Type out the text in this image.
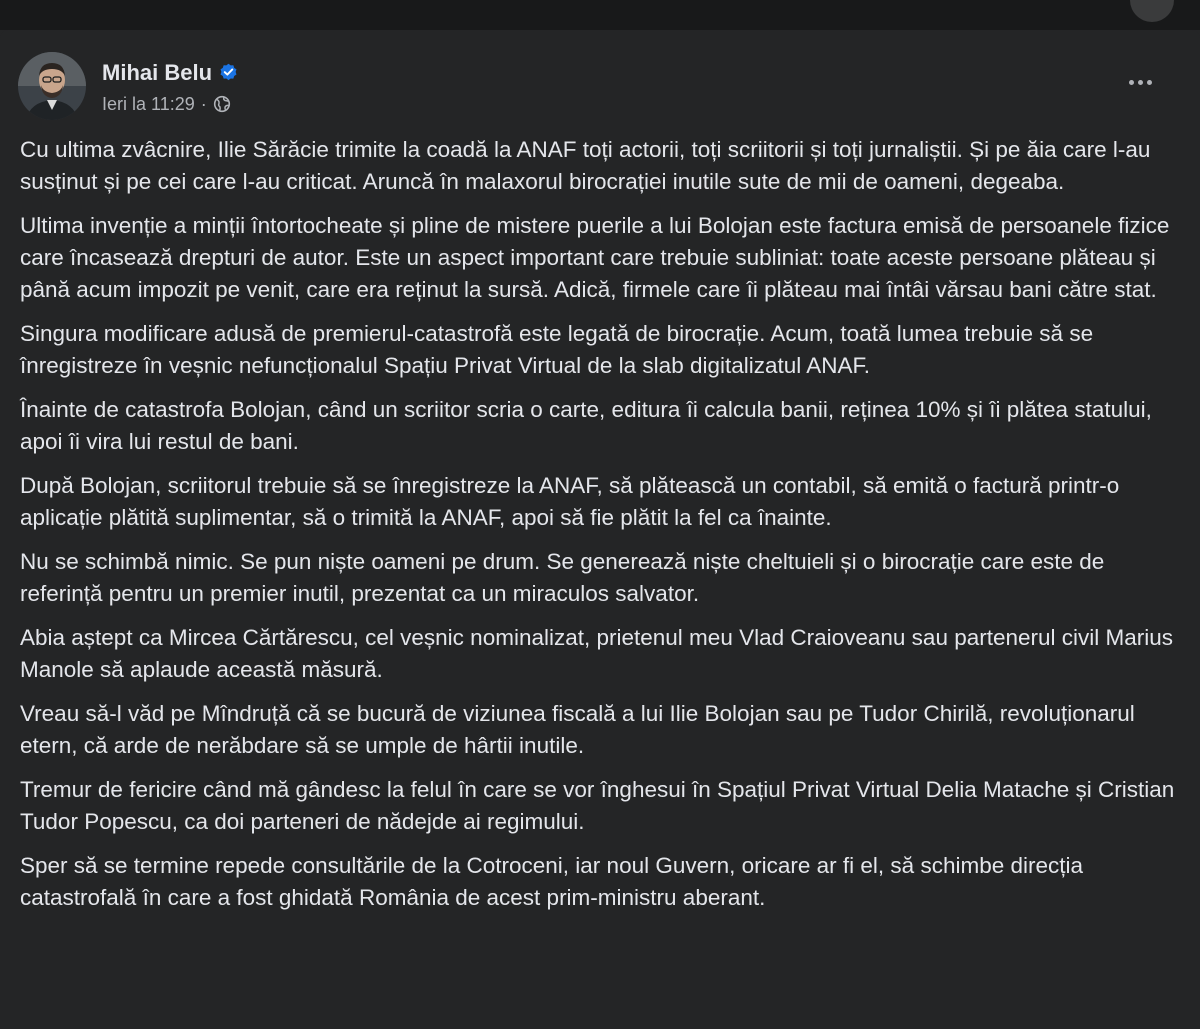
Mihai Belu
Ieri la 11:29 ·

Cu ultima zvâcnire, Ilie Sărăcie trimite la coadă la ANAF toți actorii, toți scriitorii și toți jurnaliștii. Și pe ăia care l-au susținut și pe cei care l-au criticat. Aruncă în malaxorul birocrației inutile sute de mii de oameni, degeaba.

Ultima invenție a minții întortocheate și pline de mistere puerile a lui Bolojan este factura emisă de persoanele fizice care încasează drepturi de autor. Este un aspect important care trebuie subliniat: toate aceste persoane plăteau și până acum impozit pe venit, care era reținut la sursă. Adică, firmele care îi plăteau mai întâi vărsau bani către stat.

Singura modificare adusă de premierul-catastrofă este legată de birocrație. Acum, toată lumea trebuie să se înregistreze în veșnic nefuncționalul Spațiu Privat Virtual de la slab digitalizatul ANAF.

Înainte de catastrofa Bolojan, când un scriitor scria o carte, editura îi calcula banii, reținea 10% și îi plătea statului, apoi îi vira lui restul de bani.

După Bolojan, scriitorul trebuie să se înregistreze la ANAF, să plătească un contabil, să emită o factură printr-o aplicație plătită suplimentar, să o trimită la ANAF, apoi să fie plătit la fel ca înainte.

Nu se schimbă nimic. Se pun niște oameni pe drum. Se generează niște cheltuieli și o birocrație care este de referință pentru un premier inutil, prezentat ca un miraculos salvator.

Abia aștept ca Mircea Cărtărescu, cel veșnic nominalizat, prietenul meu Vlad Craioveanu sau partenerul civil Marius Manole să aplaude această măsură.

Vreau să-l văd pe Mîndruță că se bucură de viziunea fiscală a lui Ilie Bolojan sau pe Tudor Chirilă, revoluționarul etern, că arde de nerăbdare să se umple de hârtii inutile.

Tremur de fericire când mă gândesc la felul în care se vor înghesui în Spațiul Privat Virtual Delia Matache și Cristian Tudor Popescu, ca doi parteneri de nădejde ai regimului.

Sper să se termine repede consultările de la Cotroceni, iar noul Guvern, oricare ar fi el, să schimbe direcția catastrofală în care a fost ghidată România de acest prim-ministru aberant.
